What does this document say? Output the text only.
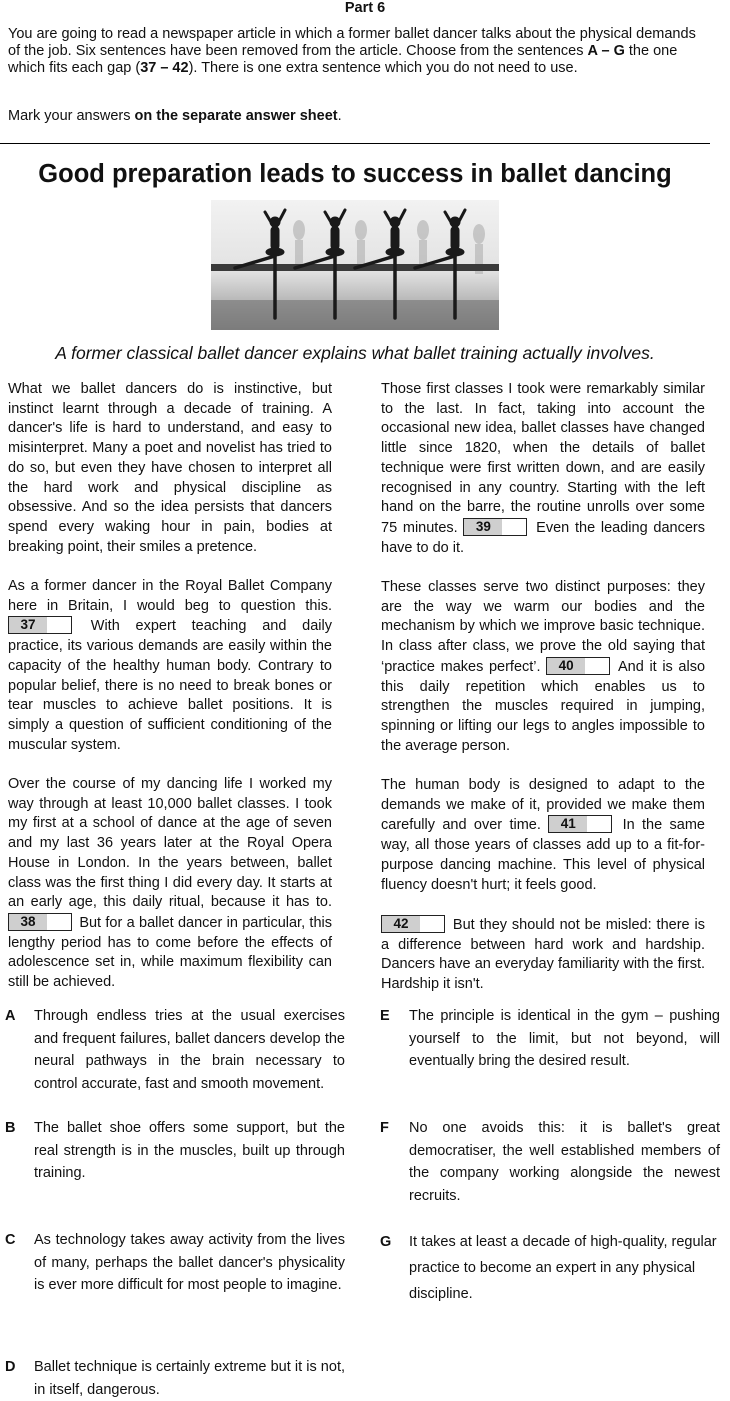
Part 6
You are going to read a newspaper article in which a former ballet dancer talks about the physical demands of the job. Six sentences have been removed from the article. Choose from the sentences A – G the one which fits each gap (37 – 42). There is one extra sentence which you do not need to use.
Mark your answers on the separate answer sheet.
Good preparation leads to success in ballet dancing
A former classical ballet dancer explains what ballet training actually involves.

What we ballet dancers do is instinctive, but instinct learnt through a decade of training. A dancer's life is hard to understand, and easy to misinterpret. Many a poet and novelist has tried to do so, but even they have chosen to interpret all the hard work and physical discipline as obsessive. And so the idea persists that dancers spend every waking hour in pain, bodies at breaking point, their smiles a pretence.

As a former dancer in the Royal Ballet Company here in Britain, I would beg to question this.
37	With expert teaching and daily practice, its various demands are easily within the capacity of the healthy human body. Contrary to popular belief, there is no need to break bones or tear muscles to achieve ballet positions. It is simply a question of sufficient conditioning of the muscular system.

Over the course of my dancing life I worked my way through at least 10,000 ballet classes. I took my first at a school of dance at the age of seven and my last 36 years later at the Royal Opera House in London. In the years between, ballet class was the first thing I did every day. It starts at an early age, this daily ritual, because it has to.
38	But for a ballet dancer in particular, this lengthy period has to come before the effects of adolescence set in, while maximum flexibility can still be achieved.

Those first classes I took were remarkably similar to the last. In fact, taking into account the occasional new idea, ballet classes have changed little since 1820, when the details of ballet technique were first written down, and are easily recognised in any country. Starting with the left hand on the barre, the routine unrolls over some 75 minutes.	39	Even the leading dancers have to do it.

These classes serve two distinct purposes: they are the way we warm our bodies and the mechanism by which we improve basic technique. In class after class, we prove the old saying that ‘practice makes perfect’.	40	And it is also this daily repetition which enables us to strengthen the muscles required in jumping, spinning or lifting our legs to angles impossible to the average person.

The human body is designed to adapt to the demands we make of it, provided we make them carefully and over time.	41	In the same way, all those years of classes add up to a fit-for-purpose dancing machine. This level of physical fluency doesn't hurt; it feels good.

42	But they should not be misled: there is a difference between hard work and hardship. Dancers have an everyday familiarity with the first. Hardship it isn't.

A Through endless tries at the usual exercises and frequent failures, ballet dancers develop the neural pathways in the brain necessary to control accurate, fast and smooth movement.
B The ballet shoe offers some support, but the real strength is in the muscles, built up through training.
C As technology takes away activity from the lives of many, perhaps the ballet dancer's physicality is ever more difficult for most people to imagine.
D Ballet technique is certainly extreme but it is not, in itself, dangerous.
E The principle is identical in the gym – pushing yourself to the limit, but not beyond, will eventually bring the desired result.
F No one avoids this: it is ballet's great democratiser, the well established members of the company working alongside the newest recruits.
G It takes at least a decade of high-quality, regular practice to become an expert in any physical discipline.
